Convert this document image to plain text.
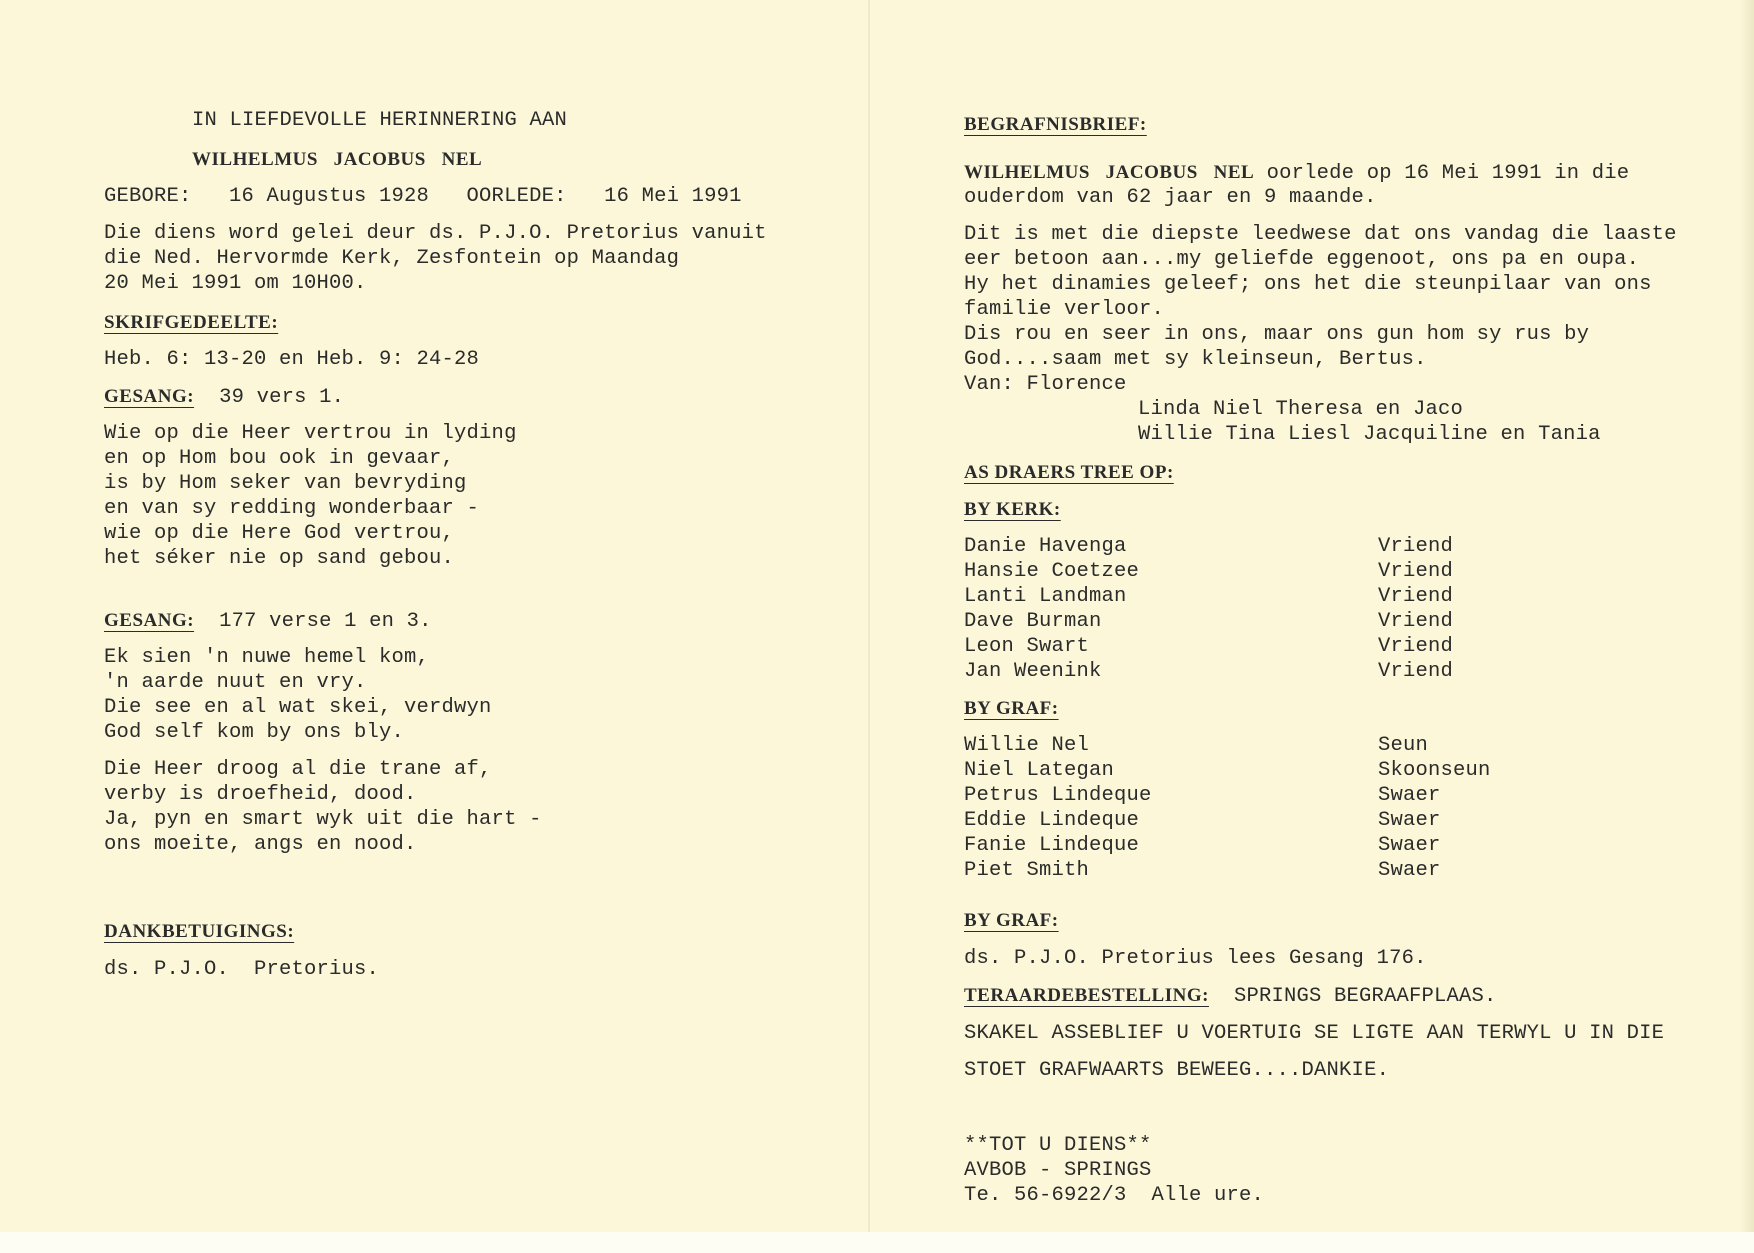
IN LIEFDEVOLLE HERINNERING AAN
WILHELMUS   JACOBUS   NEL
GEBORE:   16 Augustus 1928   OORLEDE:   16 Mei 1991
Die diens word gelei deur ds. P.J.O. Pretorius vanuit
die Ned. Hervormde Kerk, Zesfontein op Maandag
20 Mei 1991 om 10H00.
SKRIFGEDEELTE:
Heb. 6: 13-20 en Heb. 9: 24-28
GESANG:  39 vers 1.
Wie op die Heer vertrou in lyding
en op Hom bou ook in gevaar,
is by Hom seker van bevryding
en van sy redding wonderbaar -
wie op die Here God vertrou,
het séker nie op sand gebou.
GESANG:  177 verse 1 en 3.
Ek sien 'n nuwe hemel kom,
'n aarde nuut en vry.
Die see en al wat skei, verdwyn
God self kom by ons bly.
Die Heer droog al die trane af,
verby is droefheid, dood.
Ja, pyn en smart wyk uit die hart -
ons moeite, angs en nood.
DANKBETUIGINGS:
ds. P.J.O.  Pretorius.
BEGRAFNISBRIEF:
WILHELMUS   JACOBUS   NEL oorlede op 16 Mei 1991 in die
ouderdom van 62 jaar en 9 maande.
Dit is met die diepste leedwese dat ons vandag die laaste
eer betoon aan...my geliefde eggenoot, ons pa en oupa.
Hy het dinamies geleef; ons het die steunpilaar van ons
familie verloor.
Dis rou en seer in ons, maar ons gun hom sy rus by
God....saam met sy kleinseun, Bertus.
Van: Florence
Linda Niel Theresa en Jaco
Willie Tina Liesl Jacquiline en Tania
AS DRAERS TREE OP:
BY KERK:
Danie Havenga	Vriend
Hansie Coetzee	Vriend
Lanti Landman	Vriend
Dave Burman	Vriend
Leon Swart	Vriend
Jan Weenink	Vriend
BY GRAF:
Willie Nel	Seun
Niel Lategan	Skoonseun
Petrus Lindeque	Swaer
Eddie Lindeque	Swaer
Fanie Lindeque	Swaer
Piet Smith	Swaer
BY GRAF:
ds. P.J.O. Pretorius lees Gesang 176.
TERAARDEBESTELLING:  SPRINGS BEGRAAFPLAAS.
SKAKEL ASSEBLIEF U VOERTUIG SE LIGTE AAN TERWYL U IN DIE
STOET GRAFWAARTS BEWEEG....DANKIE.
**TOT U DIENS**
AVBOB - SPRINGS
Te. 56-6922/3  Alle ure.
